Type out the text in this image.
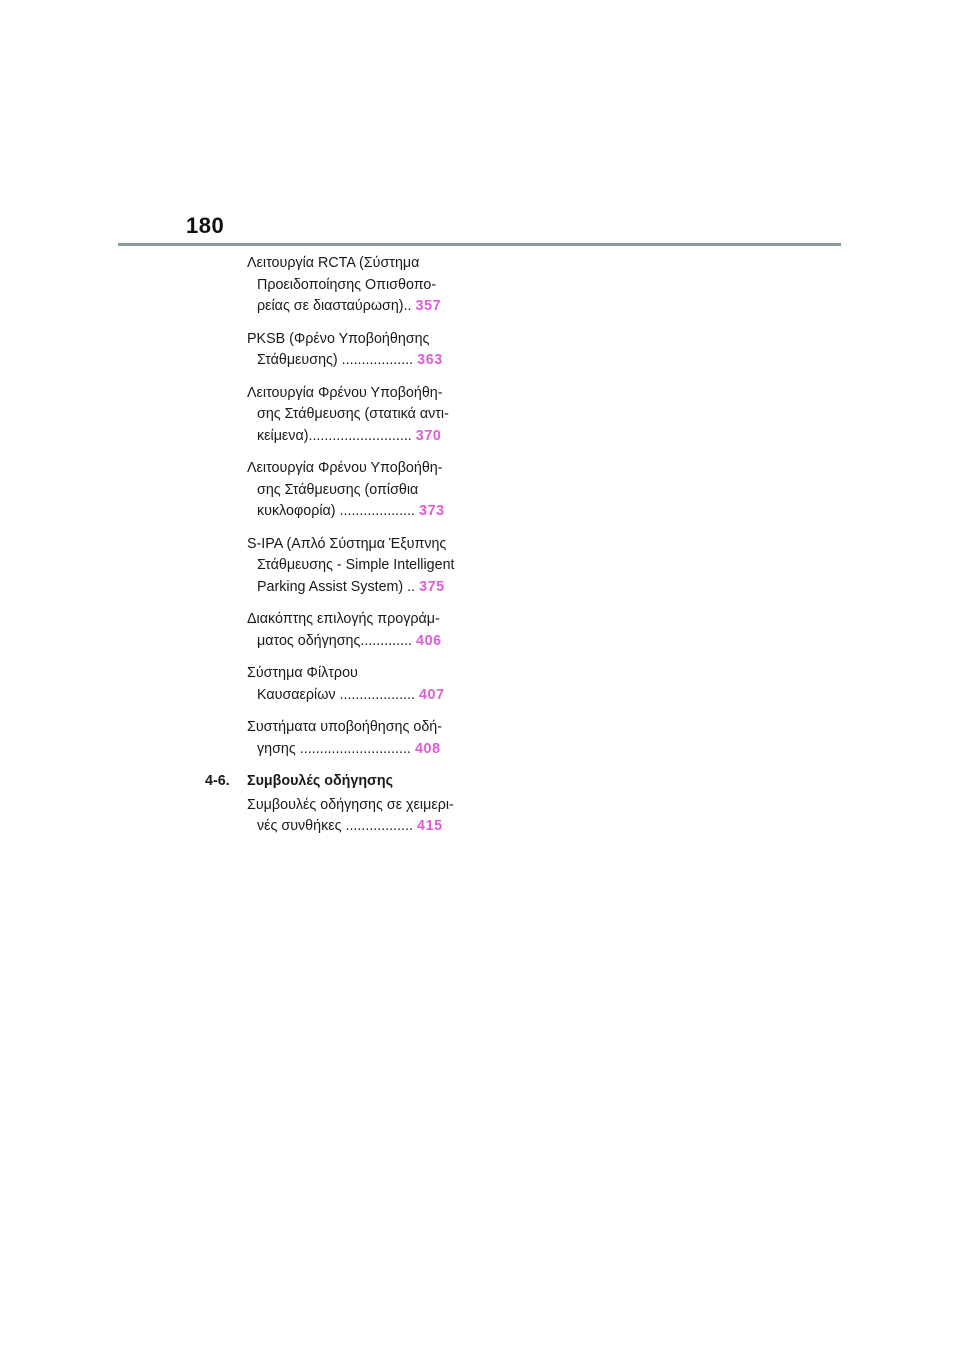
180
Λειτουργία RCTA (Σύστημα
Προειδοποίησης Οπισθοπο-
ρείας σε διασταύρωση).. 357
PKSB (Φρένο Υποβοήθησης
Στάθμευσης) .................. 363
Λειτουργία Φρένου Υποβοήθη-
σης Στάθμευσης (στατικά αντι-
κείμενα).......................... 370
Λειτουργία Φρένου Υποβοήθη-
σης Στάθμευσης (οπίσθια
κυκλοφορία) ................... 373
S-IPA (Απλό Σύστημα Έξυπνης
Στάθμευσης - Simple Intelligent
Parking Assist System) .. 375
Διακόπτης επιλογής προγράμ-
ματος οδήγησης............. 406
Σύστημα Φίλτρου
Καυσαερίων ................... 407
Συστήματα υποβοήθησης οδή-
γησης ............................ 408
4-6.	Συμβουλές οδήγησης
Συμβουλές οδήγησης σε χειμερι-
νές συνθήκες ................. 415
